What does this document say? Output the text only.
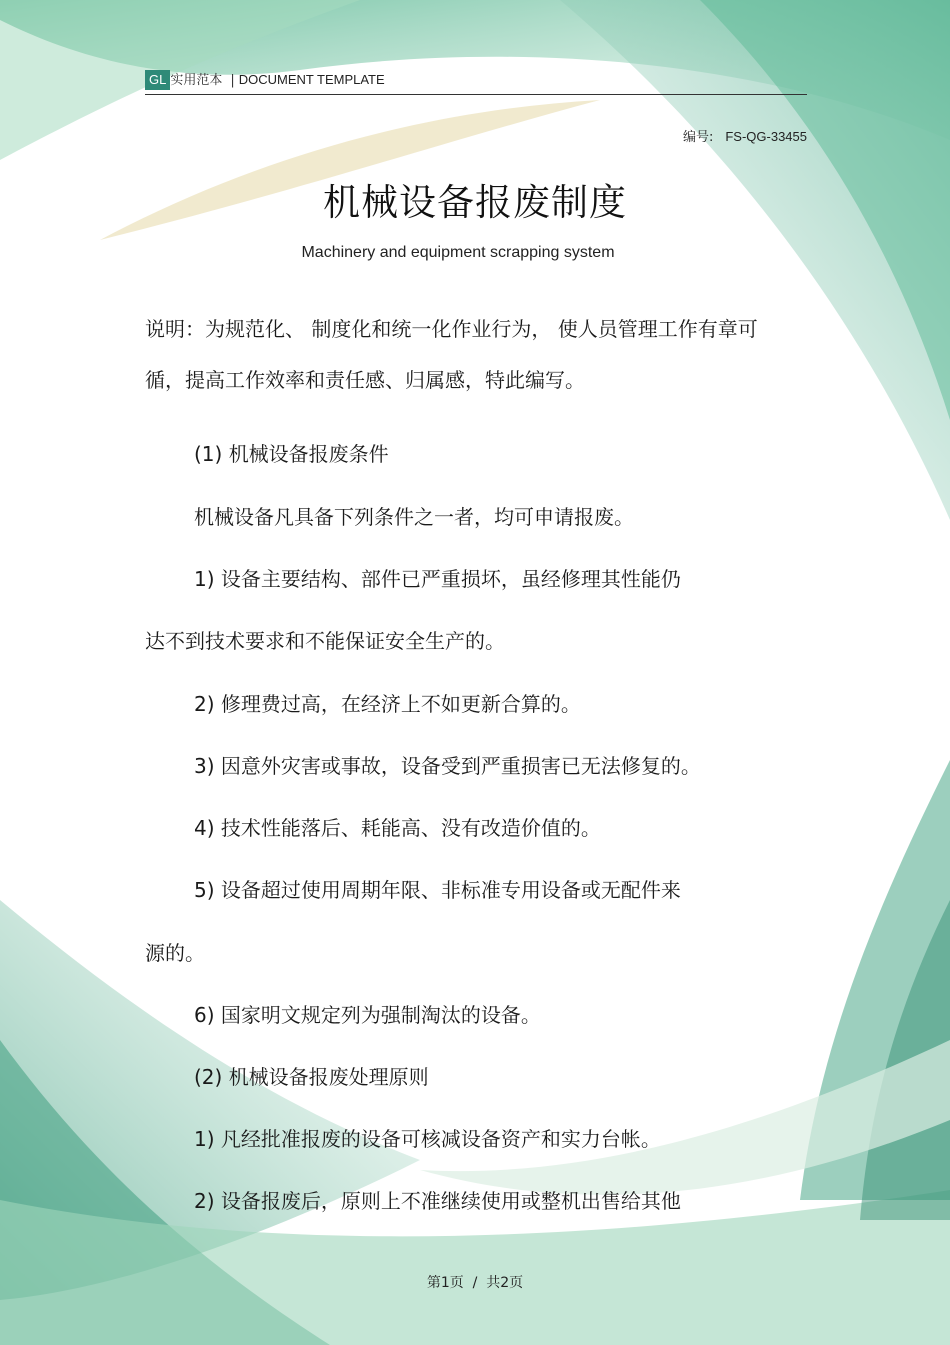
GL 实用范本 | DOCUMENT TEMPLATE
编号: FS-QG-33455
机械设备报废制度
Machinery and equipment scrapping system
说明：为规范化、 制度化和统一化作业行为， 使人员管理工作有章可
循，提高工作效率和责任感、归属感，特此编写。
(1) 机械设备报废条件
机械设备凡具备下列条件之一者，均可申请报废。
1) 设备主要结构、部件已严重损坏，虽经修理其性能仍
达不到技术要求和不能保证安全生产的。
2) 修理费过高，在经济上不如更新合算的。
3) 因意外灾害或事故，设备受到严重损害已无法修复的。
4) 技术性能落后、耗能高、没有改造价值的。
5) 设备超过使用周期年限、非标准专用设备或无配件来
源的。
6) 国家明文规定列为强制淘汰的设备。
(2) 机械设备报废处理原则
1) 凡经批准报废的设备可核减设备资产和实力台帐。
2) 设备报废后，原则上不准继续使用或整机出售给其他
第1页  /  共2页
